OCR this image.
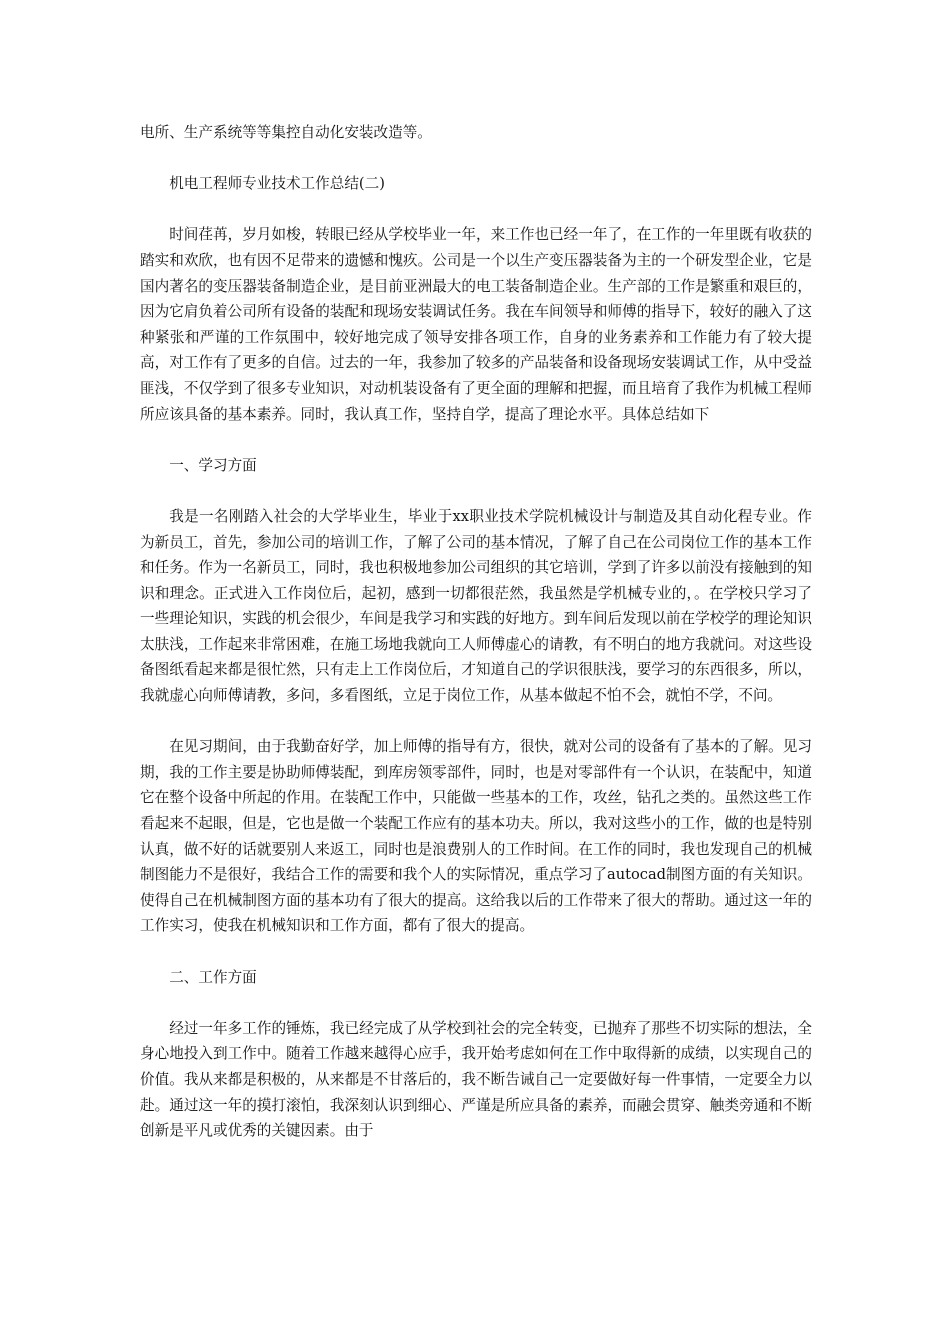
电所、生产系统等等集控自动化安装改造等。

机电工程师专业技术工作总结(二)

时间荏苒，岁月如梭，转眼已经从学校毕业一年，来工作也已经一年了，在工作的一年里既有收获的踏实和欢欣，也有因不足带来的遗憾和愧疚。公司是一个以生产变压器装备为主的一个研发型企业，它是国内著名的变压器装备制造企业，是目前亚洲最大的电工装备制造企业。生产部的工作是繁重和艰巨的，因为它肩负着公司所有设备的装配和现场安装调试任务。我在车间领导和师傅的指导下，较好的融入了这种紧张和严谨的工作氛围中，较好地完成了领导安排各项工作，自身的业务素养和工作能力有了较大提高，对工作有了更多的自信。过去的一年，我参加了较多的产品装备和设备现场安装调试工作，从中受益匪浅，不仅学到了很多专业知识，对动机装设备有了更全面的理解和把握，而且培育了我作为机械工程师所应该具备的基本素养。同时，我认真工作，坚持自学，提高了理论水平。具体总结如下

一、学习方面

我是一名刚踏入社会的大学毕业生，毕业于xx职业技术学院机械设计与制造及其自动化程专业。作为新员工，首先，参加公司的培训工作，了解了公司的基本情况，了解了自己在公司岗位工作的基本工作和任务。作为一名新员工，同时，我也积极地参加公司组织的其它培训，学到了许多以前没有接触到的知识和理念。正式进入工作岗位后，起初，感到一切都很茫然，我虽然是学机械专业的，。在学校只学习了一些理论知识，实践的机会很少，车间是我学习和实践的好地方。到车间后发现以前在学校学的理论知识太肤浅，工作起来非常困难，在施工场地我就向工人师傅虚心的请教，有不明白的地方我就问。对这些设备图纸看起来都是很忙然，只有走上工作岗位后，才知道自己的学识很肤浅，要学习的东西很多，所以，我就虚心向师傅请教，多问，多看图纸，立足于岗位工作，从基本做起不怕不会，就怕不学，不问。

在见习期间，由于我勤奋好学，加上师傅的指导有方，很快，就对公司的设备有了基本的了解。见习期，我的工作主要是协助师傅装配，到库房领零部件，同时，也是对零部件有一个认识，在装配中，知道它在整个设备中所起的作用。在装配工作中，只能做一些基本的工作，攻丝，钻孔之类的。虽然这些工作看起来不起眼，但是，它也是做一个装配工作应有的基本功夫。所以，我对这些小的工作，做的也是特别认真，做不好的话就要别人来返工，同时也是浪费别人的工作时间。在工作的同时，我也发现自己的机械制图能力不是很好，我结合工作的需要和我个人的实际情况，重点学习了autocad制图方面的有关知识。使得自己在机械制图方面的基本功有了很大的提高。这给我以后的工作带来了很大的帮助。通过这一年的工作实习，使我在机械知识和工作方面，都有了很大的提高。

二、工作方面

经过一年多工作的锤炼，我已经完成了从学校到社会的完全转变，已抛弃了那些不切实际的想法，全身心地投入到工作中。随着工作越来越得心应手，我开始考虑如何在工作中取得新的成绩，以实现自己的价值。我从来都是积极的，从来都是不甘落后的，我不断告诫自己一定要做好每一件事情，一定要全力以赴。通过这一年的摸打滚怕，我深刻认识到细心、严谨是所应具备的素养，而融会贯穿、触类旁通和不断创新是平凡或优秀的关键因素。由于
